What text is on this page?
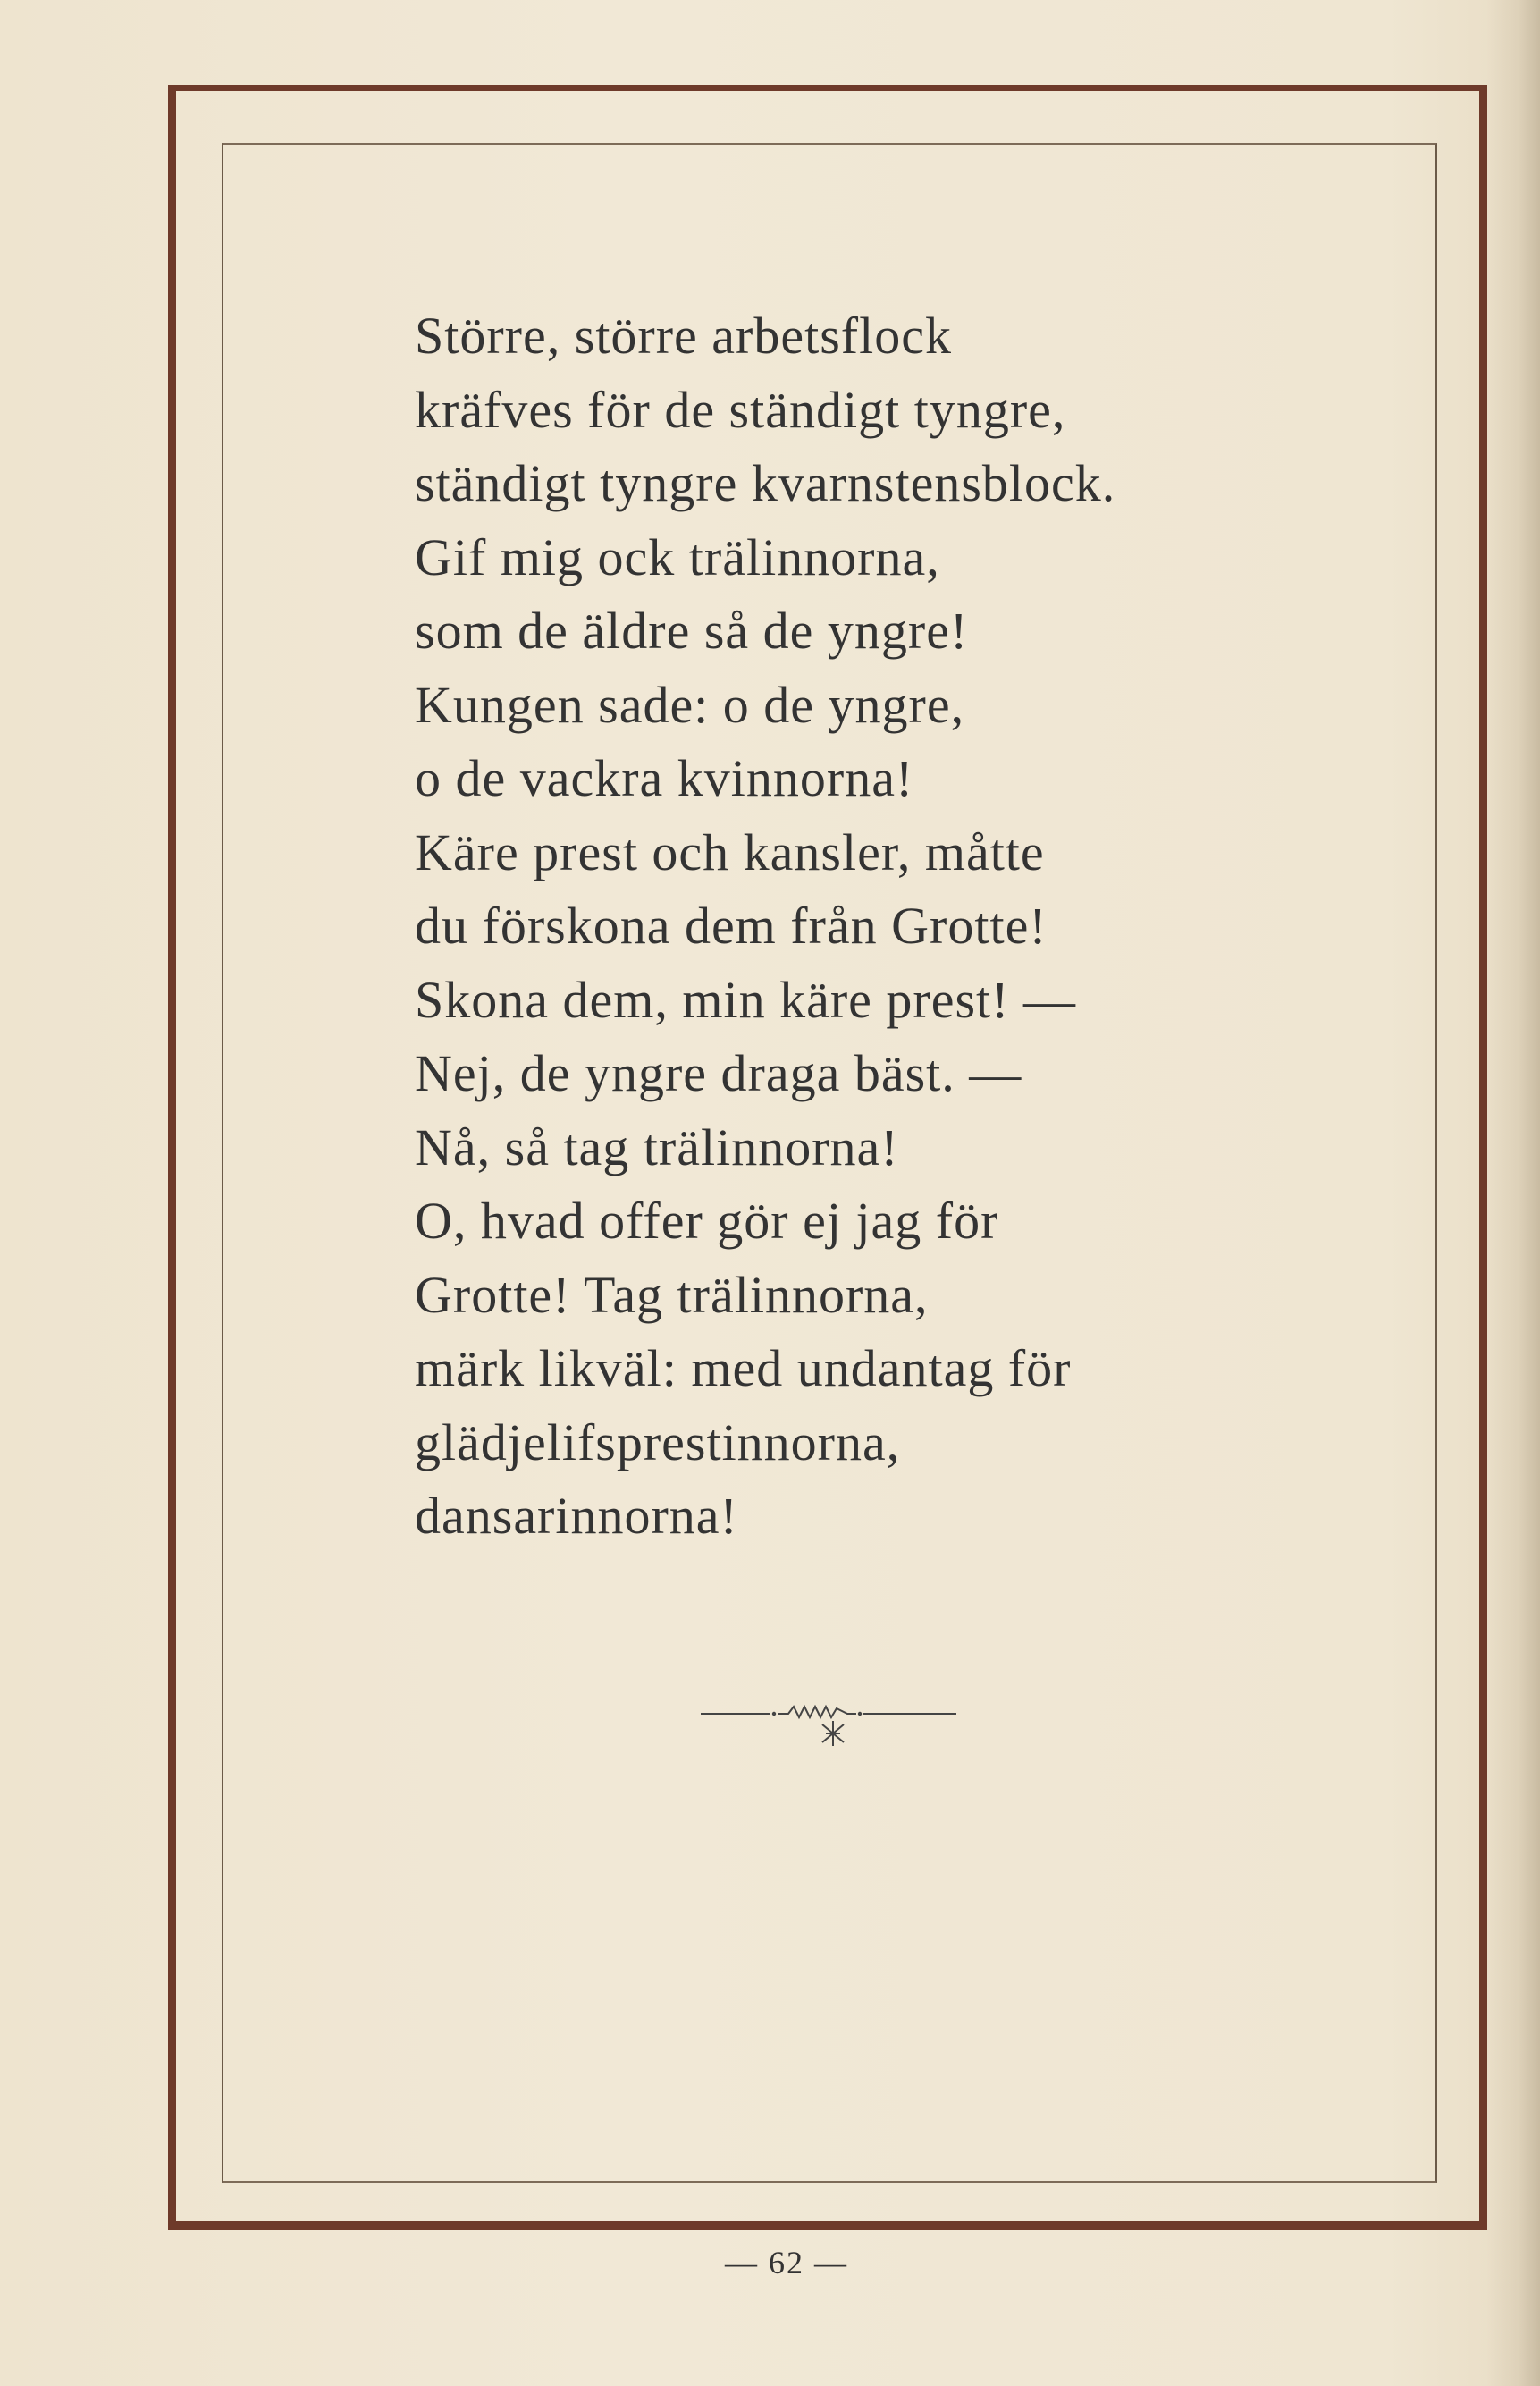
Större, större arbetsflock
kräfves för de ständigt tyngre,
ständigt tyngre kvarnstensblock.
Gif mig ock trälinnorna,
som de äldre så de yngre!
Kungen sade: o de yngre,
o de vackra kvinnorna!
Käre prest och kansler, måtte
du förskona dem från Grotte!
Skona dem, min käre prest! —
Nej, de yngre draga bäst. —
Nå, så tag trälinnorna!
O, hvad offer gör ej jag för
Grotte! Tag trälinnorna,
märk likväl: med undantag för
glädjelifsprestinnorna,
dansarinnorna!
— 62 —
